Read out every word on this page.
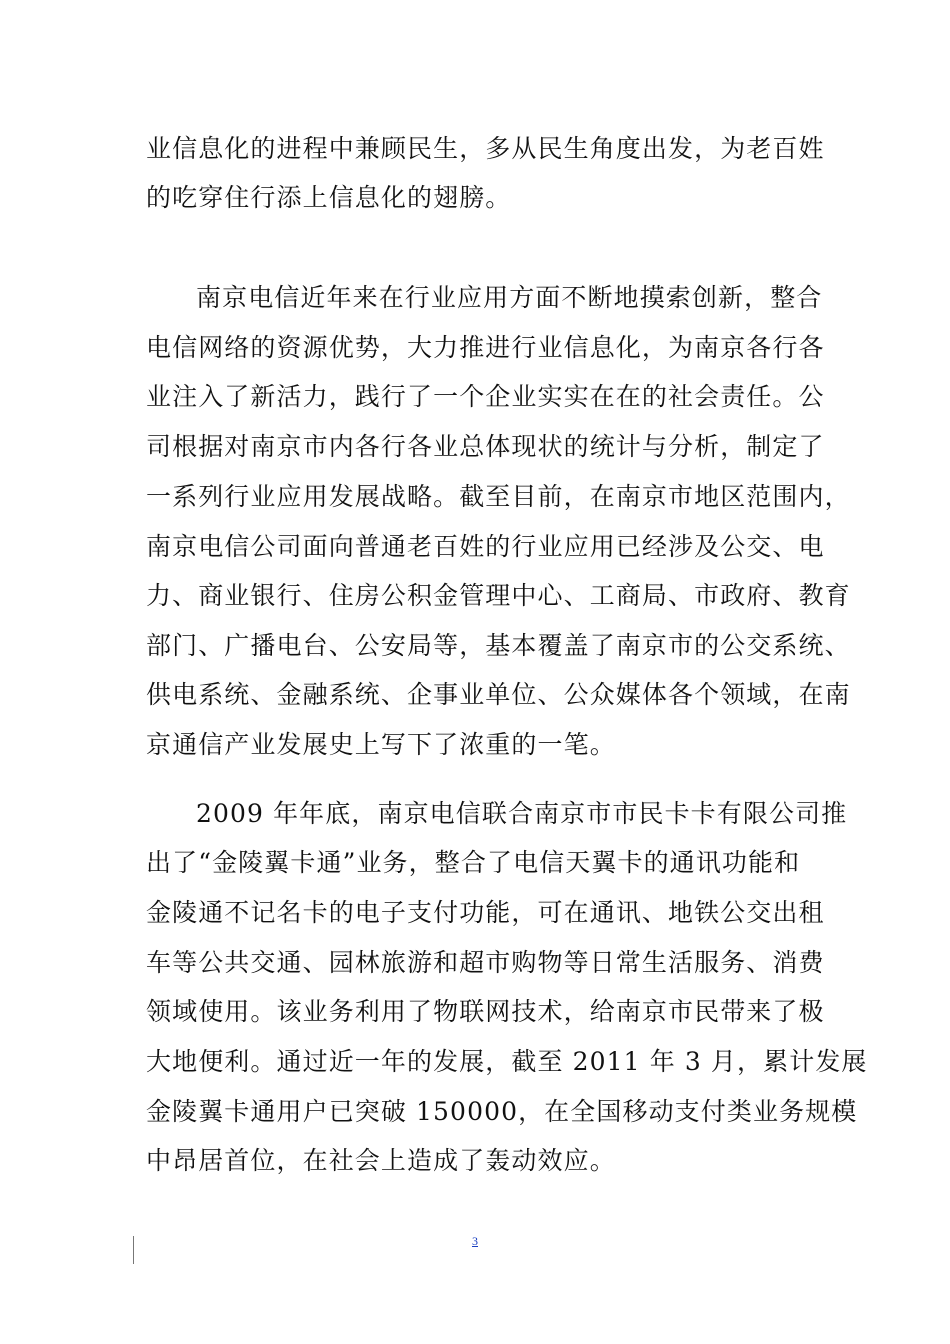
业信息化的进程中兼顾民生，多从民生角度出发，为老百姓
的吃穿住行添上信息化的翅膀。
南京电信近年来在行业应用方面不断地摸索创新，整合
电信网络的资源优势，大力推进行业信息化，为南京各行各
业注入了新活力，践行了一个企业实实在在的社会责任。公
司根据对南京市内各行各业总体现状的统计与分析，制定了
一系列行业应用发展战略。截至目前，在南京市地区范围内，
南京电信公司面向普通老百姓的行业应用已经涉及公交、电
力、商业银行、住房公积金管理中心、工商局、市政府、教育
部门、广播电台、公安局等，基本覆盖了南京市的公交系统、
供电系统、金融系统、企事业单位、公众媒体各个领域，在南
京通信产业发展史上写下了浓重的一笔。
2009 年年底，南京电信联合南京市市民卡卡有限公司推
出了“金陵翼卡通”业务，整合了电信天翼卡的通讯功能和
金陵通不记名卡的电子支付功能，可在通讯、地铁公交出租
车等公共交通、园林旅游和超市购物等日常生活服务、消费
领域使用。该业务利用了物联网技术，给南京市民带来了极
大地便利。通过近一年的发展，截至 2011 年 3 月，累计发展
金陵翼卡通用户已突破 150000，在全国移动支付类业务规模
中昂居首位，在社会上造成了轰动效应。
3
